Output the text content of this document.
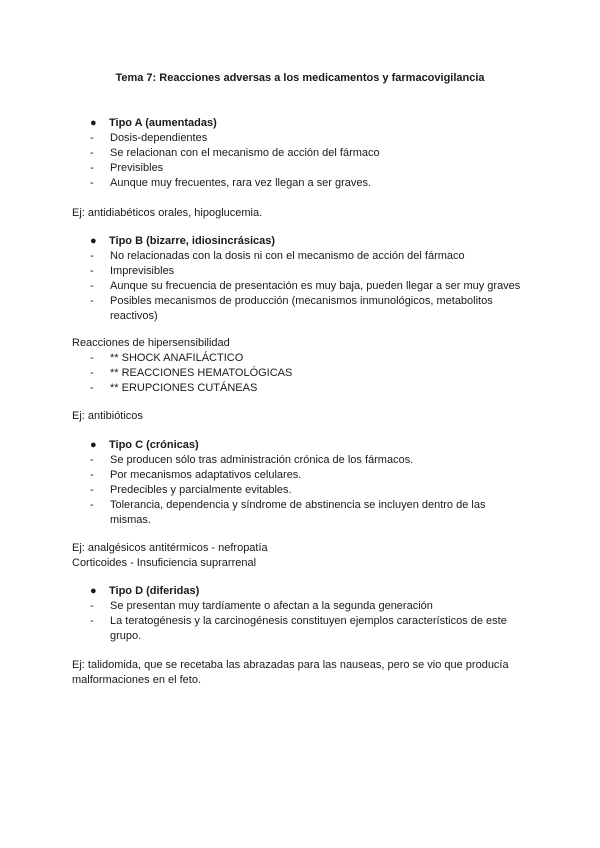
Tema 7: Reacciones adversas a los medicamentos y farmacovigilancia
● Tipo A (aumentadas)
-	Dosis-dependientes
-	Se relacionan con el mecanismo de acción del fármaco
-	Previsibles
-	Aunque muy frecuentes, rara vez llegan a ser graves.
Ej: antidiabéticos orales, hipoglucemia.
● Tipo B (bizarre, idiosincrásicas)
-	No relacionadas con la dosis ni con el mecanismo de acción del fármaco
-	Imprevisibles
-	Aunque su frecuencia de presentación es muy baja, pueden llegar a ser muy graves
-	Posibles mecanismos de producción (mecanismos inmunológicos, metabolitos reactivos)
Reacciones de hipersensibilidad
-	** SHOCK ANAFILÁCTICO
-	** REACCIONES HEMATOLÓGICAS
-	** ERUPCIONES CUTÁNEAS
Ej: antibióticos
● Tipo C (crónicas)
-	Se producen sólo tras administración crónica de los fármacos.
-	Por mecanismos adaptativos celulares.
-	Predecibles y parcialmente evitables.
-	Tolerancia, dependencia y síndrome de abstinencia se incluyen dentro de las mismas.
Ej: analgésicos antitérmicos - nefropatía
Corticoides - Insuficiencia suprarrenal
● Tipo D (diferidas)
-	Se presentan muy tardíamente o afectan a la segunda generación
-	La teratogénesis y la carcinogénesis constituyen ejemplos característicos de este grupo.
Ej: talidomida, que se recetaba las abrazadas para las nauseas, pero se vio que producía malformaciones en el feto.
